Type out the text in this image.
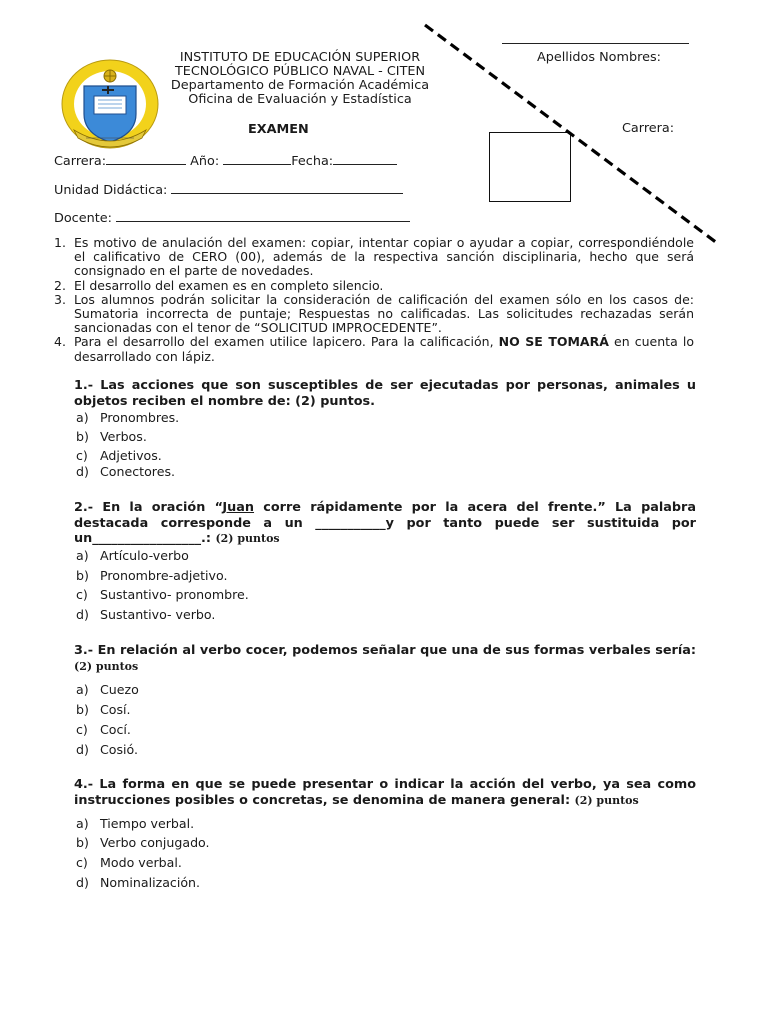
INSTITUTO DE EDUCACIÓN SUPERIOR
TECNOLÓGICO PÚBLICO NAVAL - CITEN
Departamento de Formación Académica
Oficina de Evaluación y Estadística
EXAMEN
Apellidos Nombres:
Carrera:
Carrera:	Año:	Fecha:
Unidad Didáctica:
Docente:
1. Es motivo de anulación del examen: copiar, intentar copiar o ayudar a copiar, correspondiéndole el calificativo de CERO (00), además de la respectiva sanción disciplinaria, hecho que será consignado en el parte de novedades.
2. El desarrollo del examen es en completo silencio.
3. Los alumnos podrán solicitar la consideración de calificación del examen sólo en los casos de: Sumatoria incorrecta de puntaje; Respuestas no calificadas. Las solicitudes rechazadas serán sancionadas con el tenor de “SOLICITUD IMPROCEDENTE”.
4. Para el desarrollo del examen utilice lapicero. Para la calificación, NO SE TOMARÁ en cuenta lo desarrollado con lápiz.
1.- Las acciones que son susceptibles de ser ejecutadas por personas, animales u objetos reciben el nombre de: (2) puntos.
a) Pronombres.
b) Verbos.
c) Adjetivos.
d) Conectores.
2.- En la oración “Juan corre rápidamente por la acera del frente.” La palabra destacada corresponde a un ___________y por tanto puede ser sustituida por un_________________.: (2) puntos
a) Artículo-verbo
b) Pronombre-adjetivo.
c) Sustantivo- pronombre.
d) Sustantivo- verbo.
3.- En relación al verbo cocer, podemos señalar que una de sus formas verbales sería: (2) puntos
a) Cuezo
b) Cosí.
c) Cocí.
d) Cosió.
4.- La forma en que se puede presentar o indicar la acción del verbo, ya sea como instrucciones posibles o concretas, se denomina de manera general: (2) puntos
a) Tiempo verbal.
b) Verbo conjugado.
c) Modo verbal.
d) Nominalización.
